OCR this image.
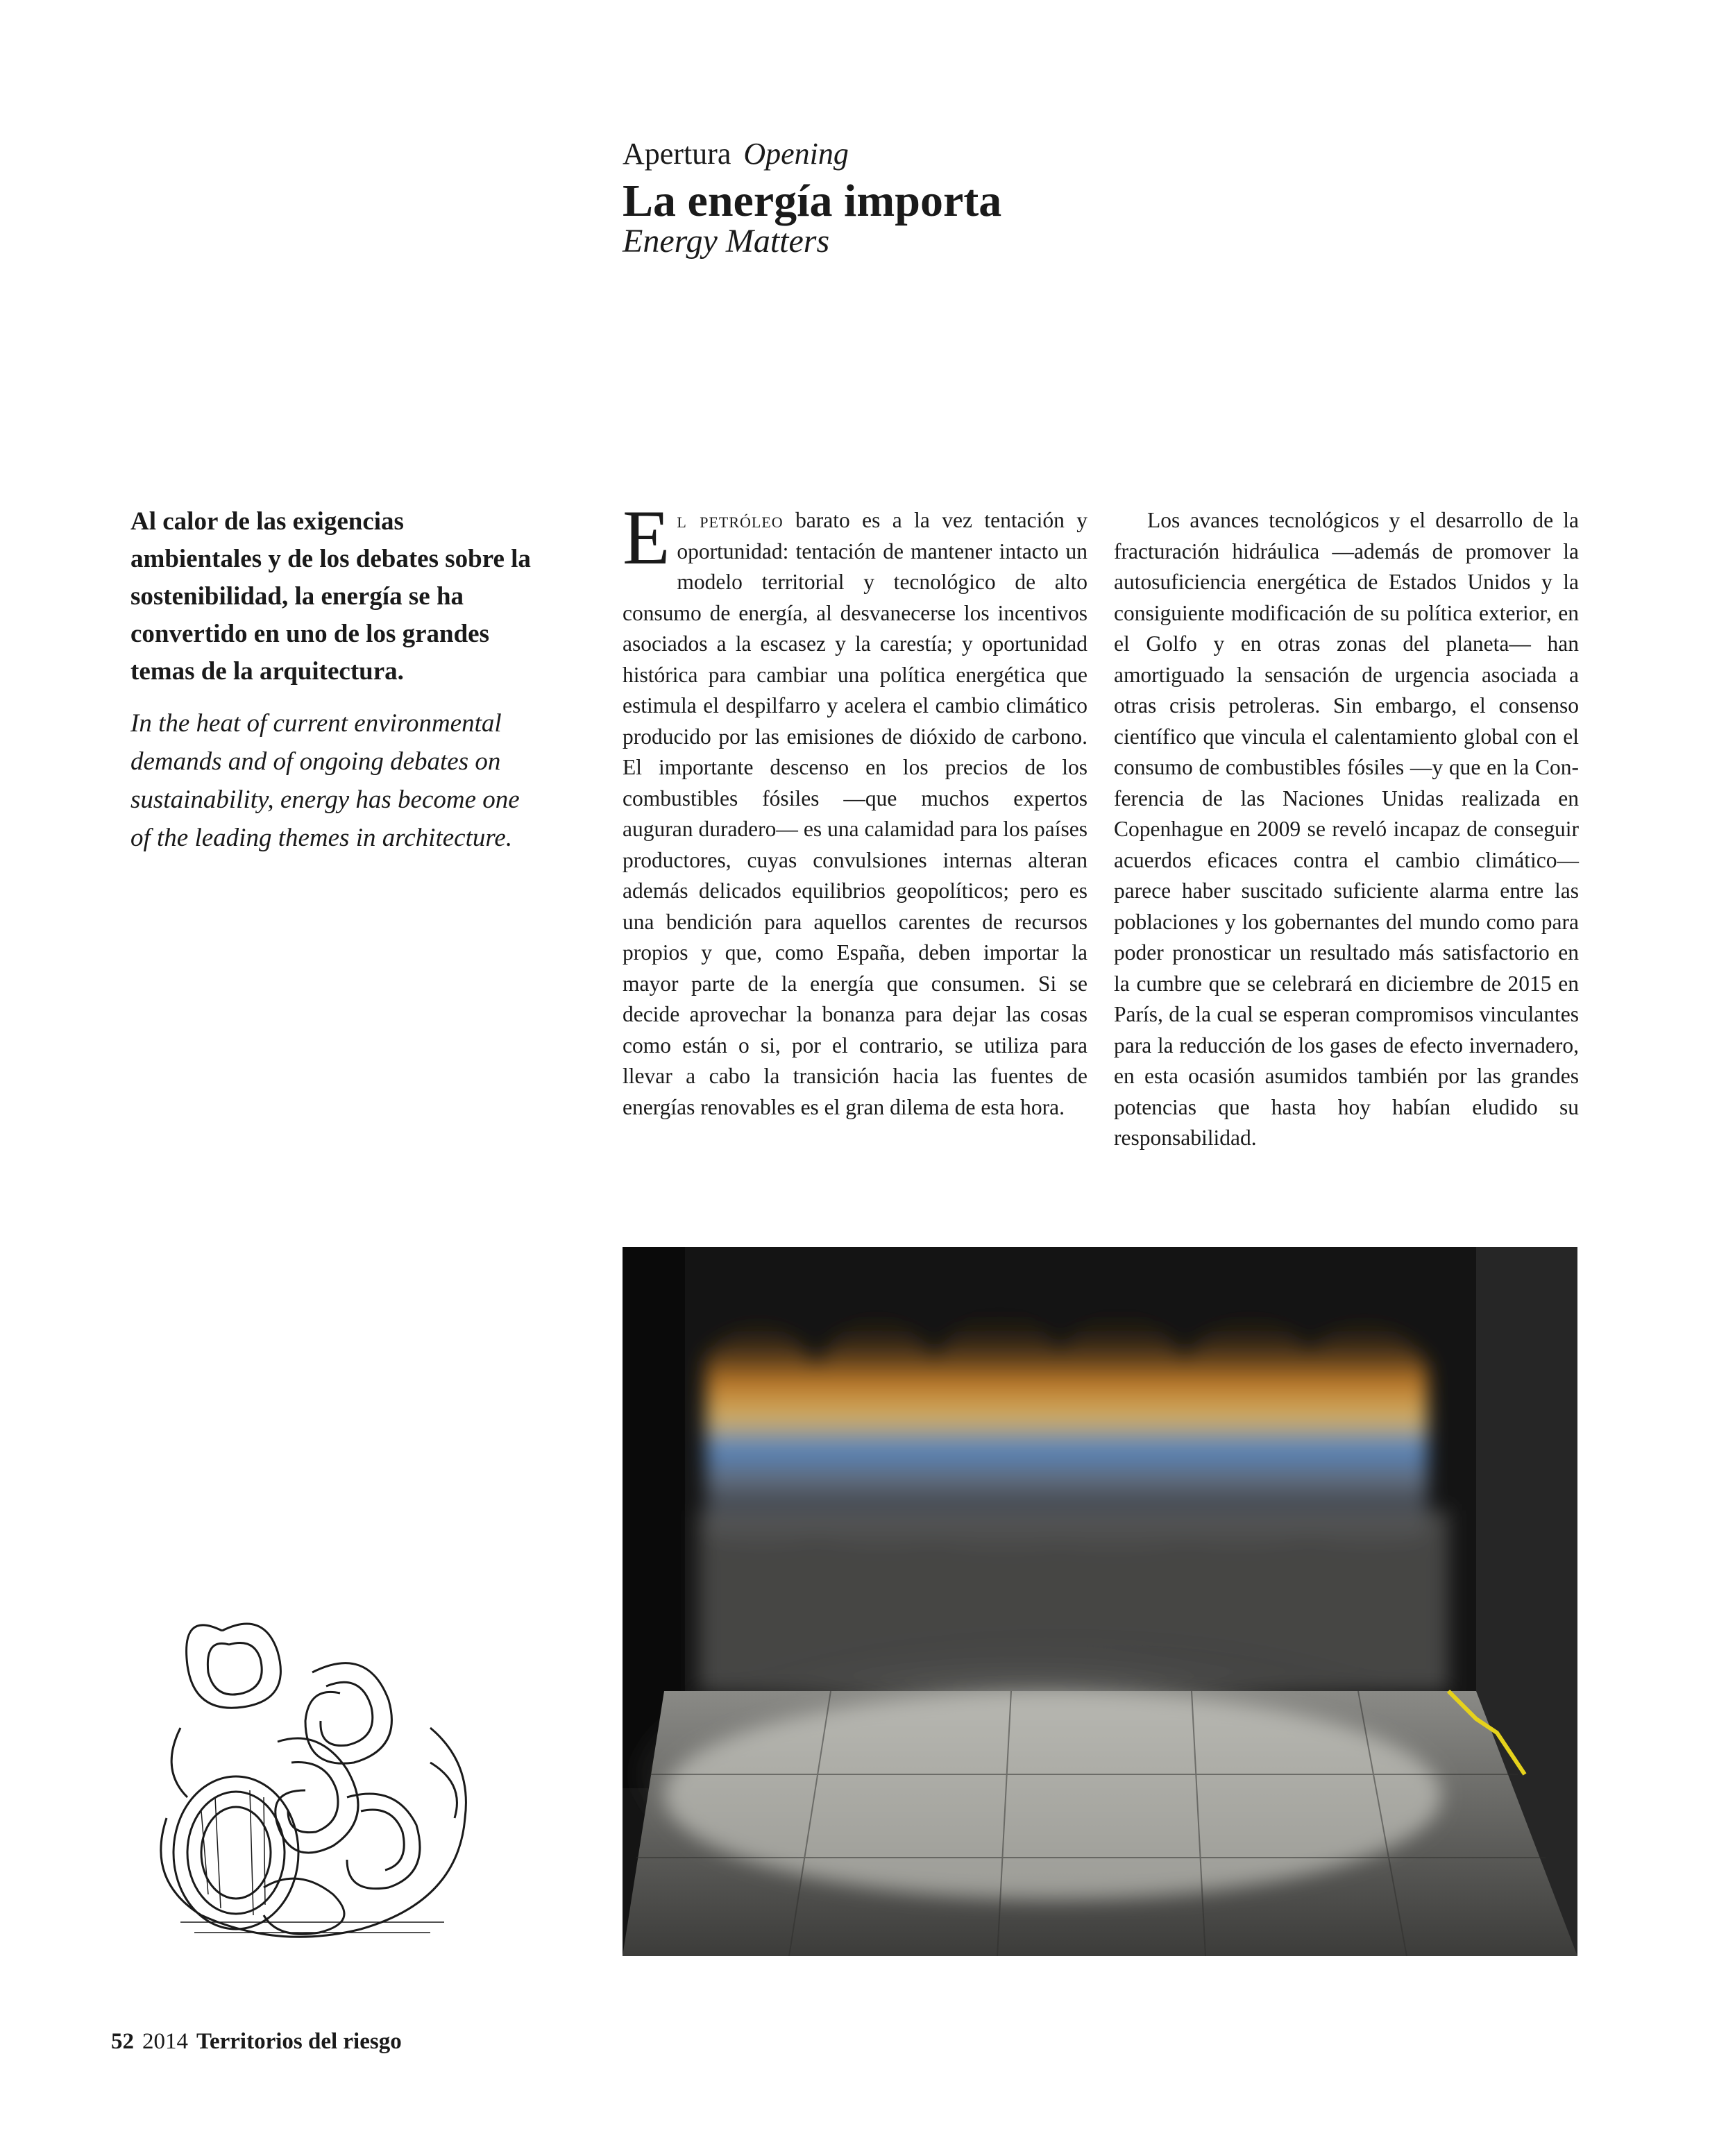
Apertura Opening
La energía importa
Energy Matters

Al calor de las exigencias ambientales y de los debates sobre la sostenibilidad, la energía se ha convertido en uno de los grandes temas de la arquitectura.

In the heat of current environmental demands and of ongoing debates on sustainability, energy has become one of the leading themes in architecture.

El petróleo barato es a la vez tentación y oportunidad: tentación de mantener intacto un modelo territorial y tecnológico de alto consumo de energía, al desvanecerse los incentivos asociados a la escasez y la carestía; y oportunidad histórica para cambiar una política energética que estimula el despilfarro y acelera el cambio climático producido por las emisiones de dióxido de carbono. El importante descenso en los precios de los combustibles fósiles —que muchos expertos auguran duradero— es una calamidad para los países productores, cuyas convulsiones internas alteran además delicados equilibrios geopolíticos; pero es una bendición para aquellos carentes de recursos propios y que, como España, deben importar la mayor parte de la energía que consumen. Si se decide aprovechar la bonanza para dejar las cosas como están o si, por el contrario, se utiliza para llevar a cabo la transición hacia las fuentes de energías renovables es el gran dilema de esta hora.

Los avances tecnológicos y el desarrollo de la fracturación hidráulica —además de promover la autosuficiencia energética de Estados Unidos y la consiguiente modificación de su política exterior, en el Golfo y en otras zonas del planeta— han amortiguado la sensación de urgencia asociada a otras crisis petroleras. Sin embargo, el consenso científico que vincula el calentamiento global con el consumo de combustibles fósiles —y que en la Conferencia de las Naciones Unidas realizada en Copenhague en 2009 se reveló incapaz de conseguir acuerdos eficaces contra el cambio climático— parece haber suscitado suficiente alarma entre las poblaciones y los gobernantes del mundo como para poder pronosticar un resultado más satisfactorio en la cumbre que se celebrará en diciembre de 2015 en París, de la cual se esperan compromisos vinculantes para la reducción de los gases de efecto invernadero, en esta ocasión asumidos también por las grandes potencias que hasta hoy habían eludido su responsabilidad.

52 2014 Territorios del riesgo
